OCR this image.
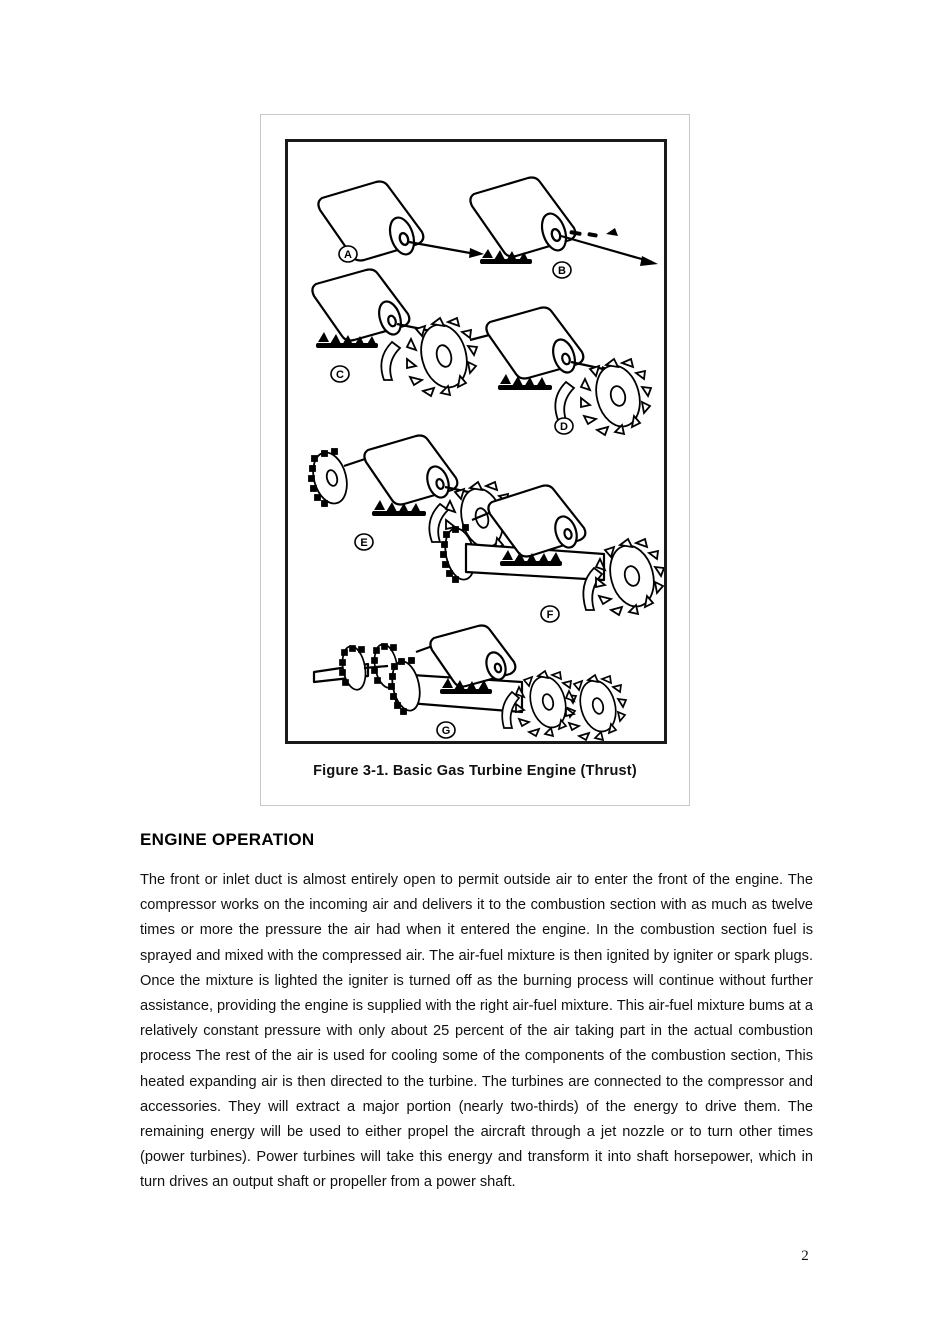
A
B
C
D
E
F
G
Figure 3-1. Basic Gas Turbine Engine (Thrust)
ENGINE OPERATION

The front or inlet duct is almost entirely open to permit outside air to enter the front of the engine. The compressor works on the incoming air and delivers it to the combustion section with as much as twelve times or more the pressure the air had when it entered the engine. In the combustion section fuel is sprayed and mixed with the compressed air. The air-fuel mixture is then ignited by igniter or spark plugs. Once the mixture is lighted the igniter is turned off as the burning process will continue without further assistance, providing the engine is supplied with the right air-fuel mixture. This air-fuel mixture bums at a relatively constant pressure with only about 25 percent of the air taking part in the actual combustion process The rest of the air is used for cooling some of the components of the combustion section, This heated expanding air is then directed to the turbine. The turbines are connected to the compressor and accessories. They will extract a major portion (nearly two-thirds) of the energy to drive them. The remaining energy will be used to either propel the aircraft through a jet nozzle or to turn other times (power turbines). Power turbines will take this energy and transform it into shaft horsepower, which in turn drives an output shaft or propeller from a power shaft.

2
